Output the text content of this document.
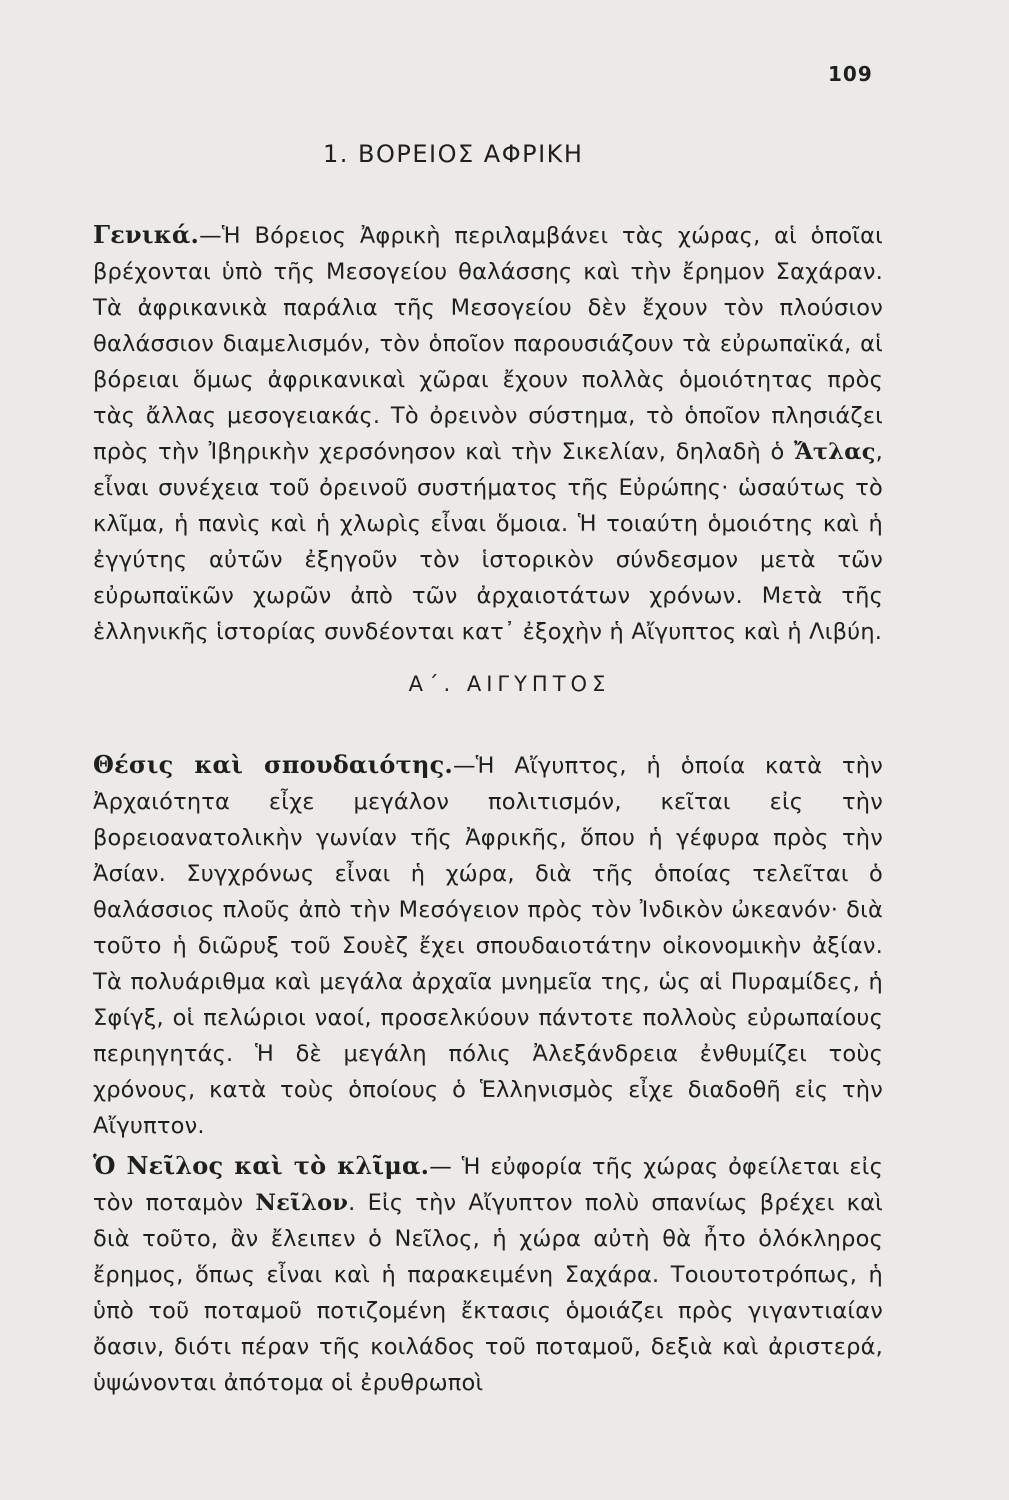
109
1. ΒΟΡΕΙΟΣ ΑΦΡΙΚΗ

Γενικά.—Ἡ Βόρειος Ἀφρικὴ περιλαμβάνει τὰς χώρας, αἱ ὁποῖαι βρέχονται ὑπὸ τῆς Μεσογείου θαλάσσης καὶ τὴν ἔρημον Σαχάραν. Τὰ ἀφρικανικὰ παράλια τῆς Μεσογείου δὲν ἔχουν τὸν πλούσιον θαλάσσιον διαμελισμόν, τὸν ὁποῖον παρουσιάζουν τὰ εὐρωπαϊκά, αἱ βόρειαι ὅμως ἀφρικανικαὶ χῶραι ἔχουν πολλὰς ὁμοιότητας πρὸς τὰς ἄλλας μεσογειακάς. Τὸ ὀρεινὸν σύστημα, τὸ ὁποῖον πλησιάζει πρὸς τὴν Ἰβηρικὴν χερσόνησον καὶ τὴν Σικελίαν, δηλαδὴ ὁ Ἄτλας, εἶναι συνέχεια τοῦ ὀρεινοῦ συστήματος τῆς Εὐρώπης· ὡσαύτως τὸ κλῖμα, ἡ πανὶς καὶ ἡ χλωρὶς εἶναι ὅμοια. Ἡ τοιαύτη ὁμοιότης καὶ ἡ ἐγγύτης αὐτῶν ἐξηγοῦν τὸν ἱστορικὸν σύνδεσμον μετὰ τῶν εὐρωπαϊκῶν χωρῶν ἀπὸ τῶν ἀρχαιοτάτων χρόνων. Μετὰ τῆς ἑλληνικῆς ἱστορίας συνδέονται κατ᾽ ἐξοχὴν ἡ Αἴγυπτος καὶ ἡ Λιβύη.

Α΄. ΑΙΓΥΠΤΟΣ

Θέσις καὶ σπουδαιότης.—Ἡ Αἴγυπτος, ἡ ὁποία κατὰ τὴν Ἀρχαιότητα εἶχε μεγάλον πολιτισμόν, κεῖται εἰς τὴν βορειοανατολικὴν γωνίαν τῆς Ἀφρικῆς, ὅπου ἡ γέφυρα πρὸς τὴν Ἀσίαν. Συγχρόνως εἶναι ἡ χώρα, διὰ τῆς ὁποίας τελεῖται ὁ θαλάσσιος πλοῦς ἀπὸ τὴν Μεσόγειον πρὸς τὸν Ἰνδικὸν ὠκεανόν· διὰ τοῦτο ἡ διῶρυξ τοῦ Σουὲζ ἔχει σπουδαιοτάτην οἰκονομικὴν ἀξίαν. Τὰ πολυάριθμα καὶ μεγάλα ἀρχαῖα μνημεῖα της, ὡς αἱ Πυραμίδες, ἡ Σφίγξ, οἱ πελώριοι ναοί, προσελκύουν πάντοτε πολλοὺς εὐρωπαίους περιηγητάς. Ἡ δὲ μεγάλη πόλις Ἀλεξάνδρεια ἐνθυμίζει τοὺς χρόνους, κατὰ τοὺς ὁποίους ὁ Ἑλληνισμὸς εἶχε διαδοθῆ εἰς τὴν Αἴγυπτον.

Ὁ Νεῖλος καὶ τὸ κλῖμα.— Ἡ εὐφορία τῆς χώρας ὀφείλεται εἰς τὸν ποταμὸν Νεῖλον. Εἰς τὴν Αἴγυπτον πολὺ σπανίως βρέχει καὶ διὰ τοῦτο, ἂν ἔλειπεν ὁ Νεῖλος, ἡ χώρα αὐτὴ θὰ ἦτο ὁλόκληρος ἔρημος, ὅπως εἶναι καὶ ἡ παρακειμένη Σαχάρα. Τοιουτοτρόπως, ἡ ὑπὸ τοῦ ποταμοῦ ποτιζομένη ἔκτασις ὁμοιάζει πρὸς γιγαντιαίαν ὄασιν, διότι πέραν τῆς κοιλάδος τοῦ ποταμοῦ, δεξιὰ καὶ ἀριστερά, ὑψώνονται ἀπότομα οἱ ἐρυθρωποὶ
